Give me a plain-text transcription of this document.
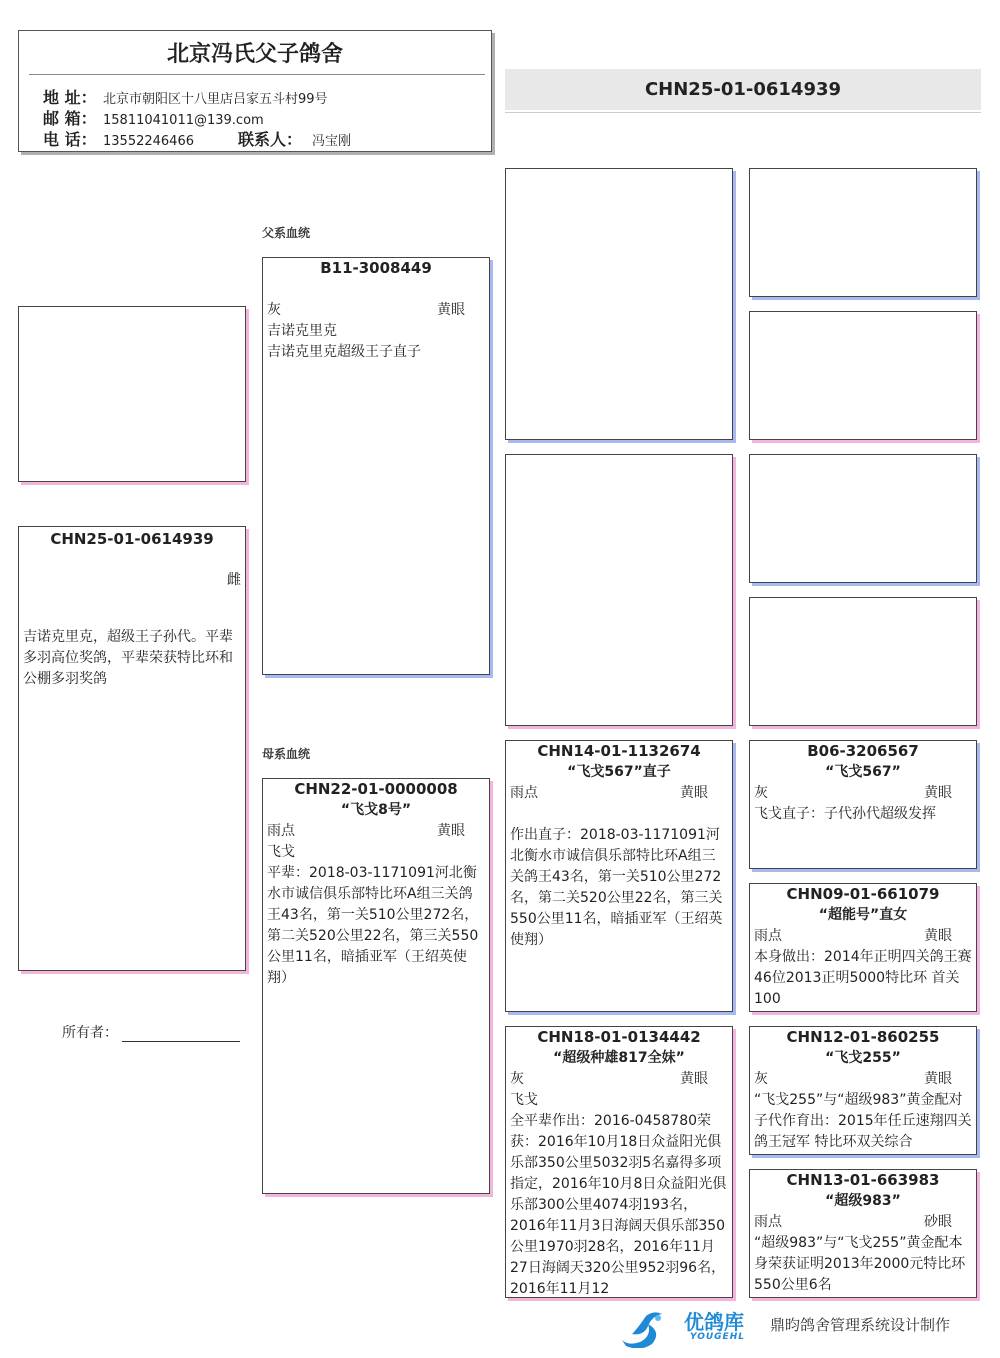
北京冯氏父子鸽舍
地 址： 北京市朝阳区十八里店吕家五斗村99号
邮 箱： 15811041011@139.com
电 话： 13552246466	联系人： 冯宝刚
CHN25-01-0614939
CHN25-01-0614939
雌
吉诺克里克，超级王子孙代。平辈多羽高位奖鸽，平辈荣获特比环和公棚多羽奖鸽
所有者：
父系血统
母系血统
B11-3008449
灰	黄眼
吉诺克里克
吉诺克里克超级王子直子
CHN22-01-0000008
“飞戈8号”
雨点	黄眼
飞戈
平辈：2018-03-1171091河北衡水市诚信俱乐部特比环A组三关鸽王43名，第一关510公里272名，第二关520公里22名，第三关550公里11名，暗插亚军（王绍英使翔）
CHN14-01-1132674
“飞戈567”直子
雨点	黄眼
作出直子：2018-03-1171091河北衡水市诚信俱乐部特比环A组三关鸽王43名，第一关510公里272名，第二关520公里22名，第三关550公里11名，暗插亚军（王绍英使翔）
CHN18-01-0134442
“超级种雄817全妹”
灰	黄眼
飞戈
全平辈作出：2016-0458780荣获：2016年10月18日众益阳光俱乐部350公里5032羽5名嘉得多项指定，2016年10月8日众益阳光俱乐部300公里4074羽193名，2016年11月3日海阔天俱乐部350公里1970羽28名，2016年11月27日海阔天320公里952羽96名，2016年11月12
B06-3206567
“飞戈567”
灰	黄眼
飞戈直子：子代孙代超级发挥
CHN09-01-661079
“超能号”直女
雨点	黄眼
本身做出：2014年正明四关鸽王赛46位2013正明5000特比环 首关100
CHN12-01-860255
“飞戈255”
灰	黄眼
“飞戈255”与“超级983”黄金配对子代作育出：2015年任丘速翔四关鸽王冠军 特比环双关综合
CHN13-01-663983
“超级983”
雨点	砂眼
“超级983”与“飞戈255”黄金配本身荣获证明2013年2000元特比环550公里6名
优鸽库
YOUGEHL
鼎昀鸽舍管理系统设计制作
